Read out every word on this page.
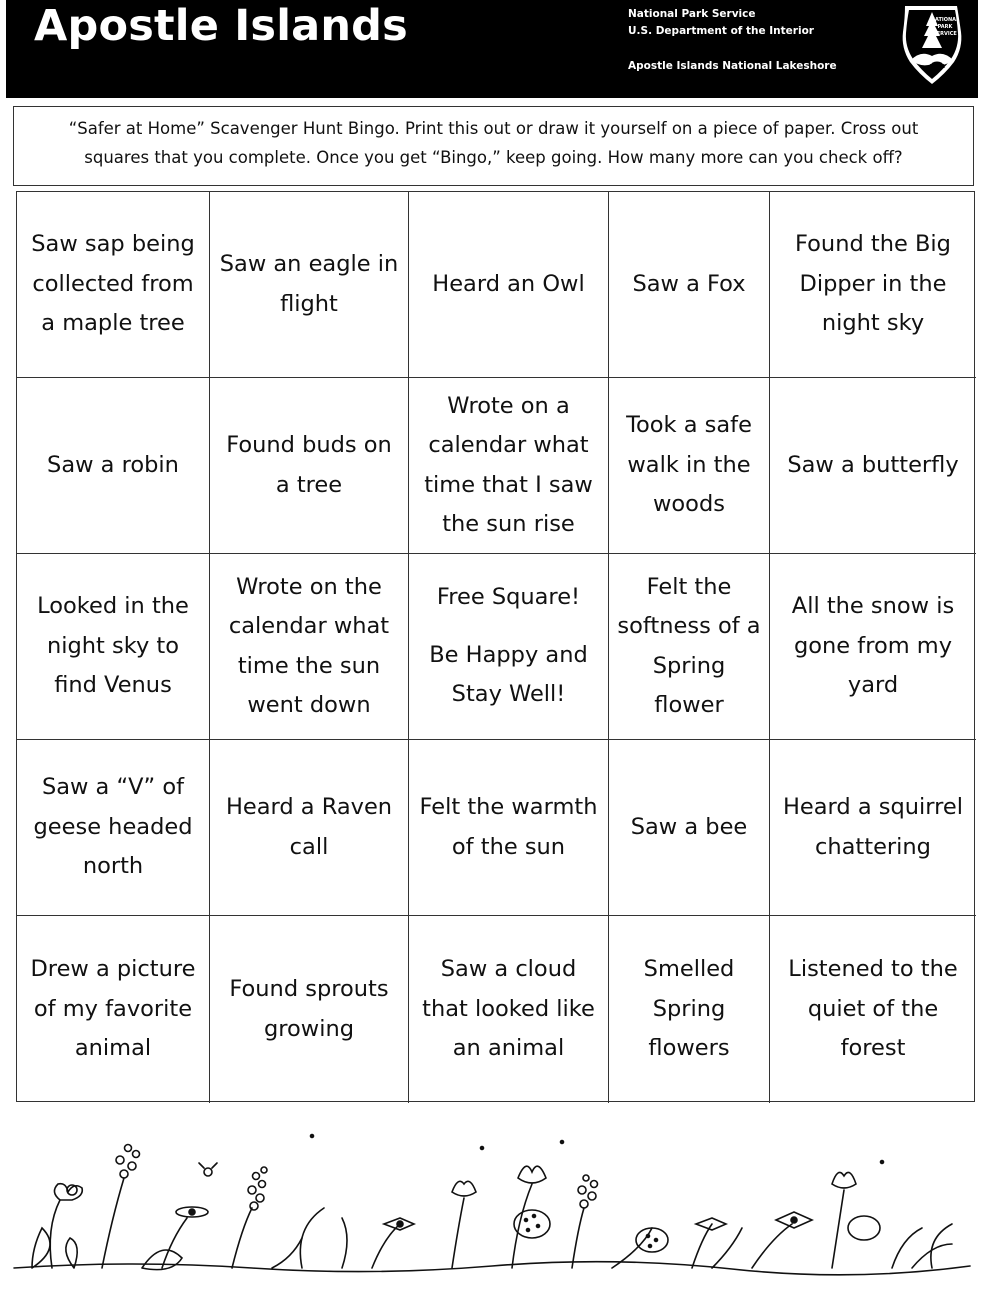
Apostle Islands	National Park Service
U.S. Department of the Interior
Apostle Islands National Lakeshore
NATIONAL
PARK
SERVICE
“Safer at Home” Scavenger Hunt Bingo. Print this out or draw it yourself on a piece of paper. Cross out
squares that you complete. Once you get “Bingo,” keep going. How many more can you check off?
Saw sap being collected from a maple tree
Saw an eagle in flight
Heard an Owl Saw a Fox
Found the Big Dipper in the night sky
Saw a robin
Found buds on a tree
Wrote on a calendar what time that I saw the sun rise
Took a safe walk in the woods
Saw a butterfly
Looked in the night sky to find Venus
Wrote on the calendar what time the sun went down
Free Square!
Be Happy and Stay Well!
Felt the softness of a Spring flower
All the snow is gone from my yard
Saw a “V” of geese headed north
Heard a Raven call
Felt the warmth of the sun
Saw a bee
Heard a squirrel chattering
Drew a picture of my favorite animal
Found sprouts growing
Saw a cloud that looked like an animal
Smelled Spring flowers
Listened to the quiet of the forest
